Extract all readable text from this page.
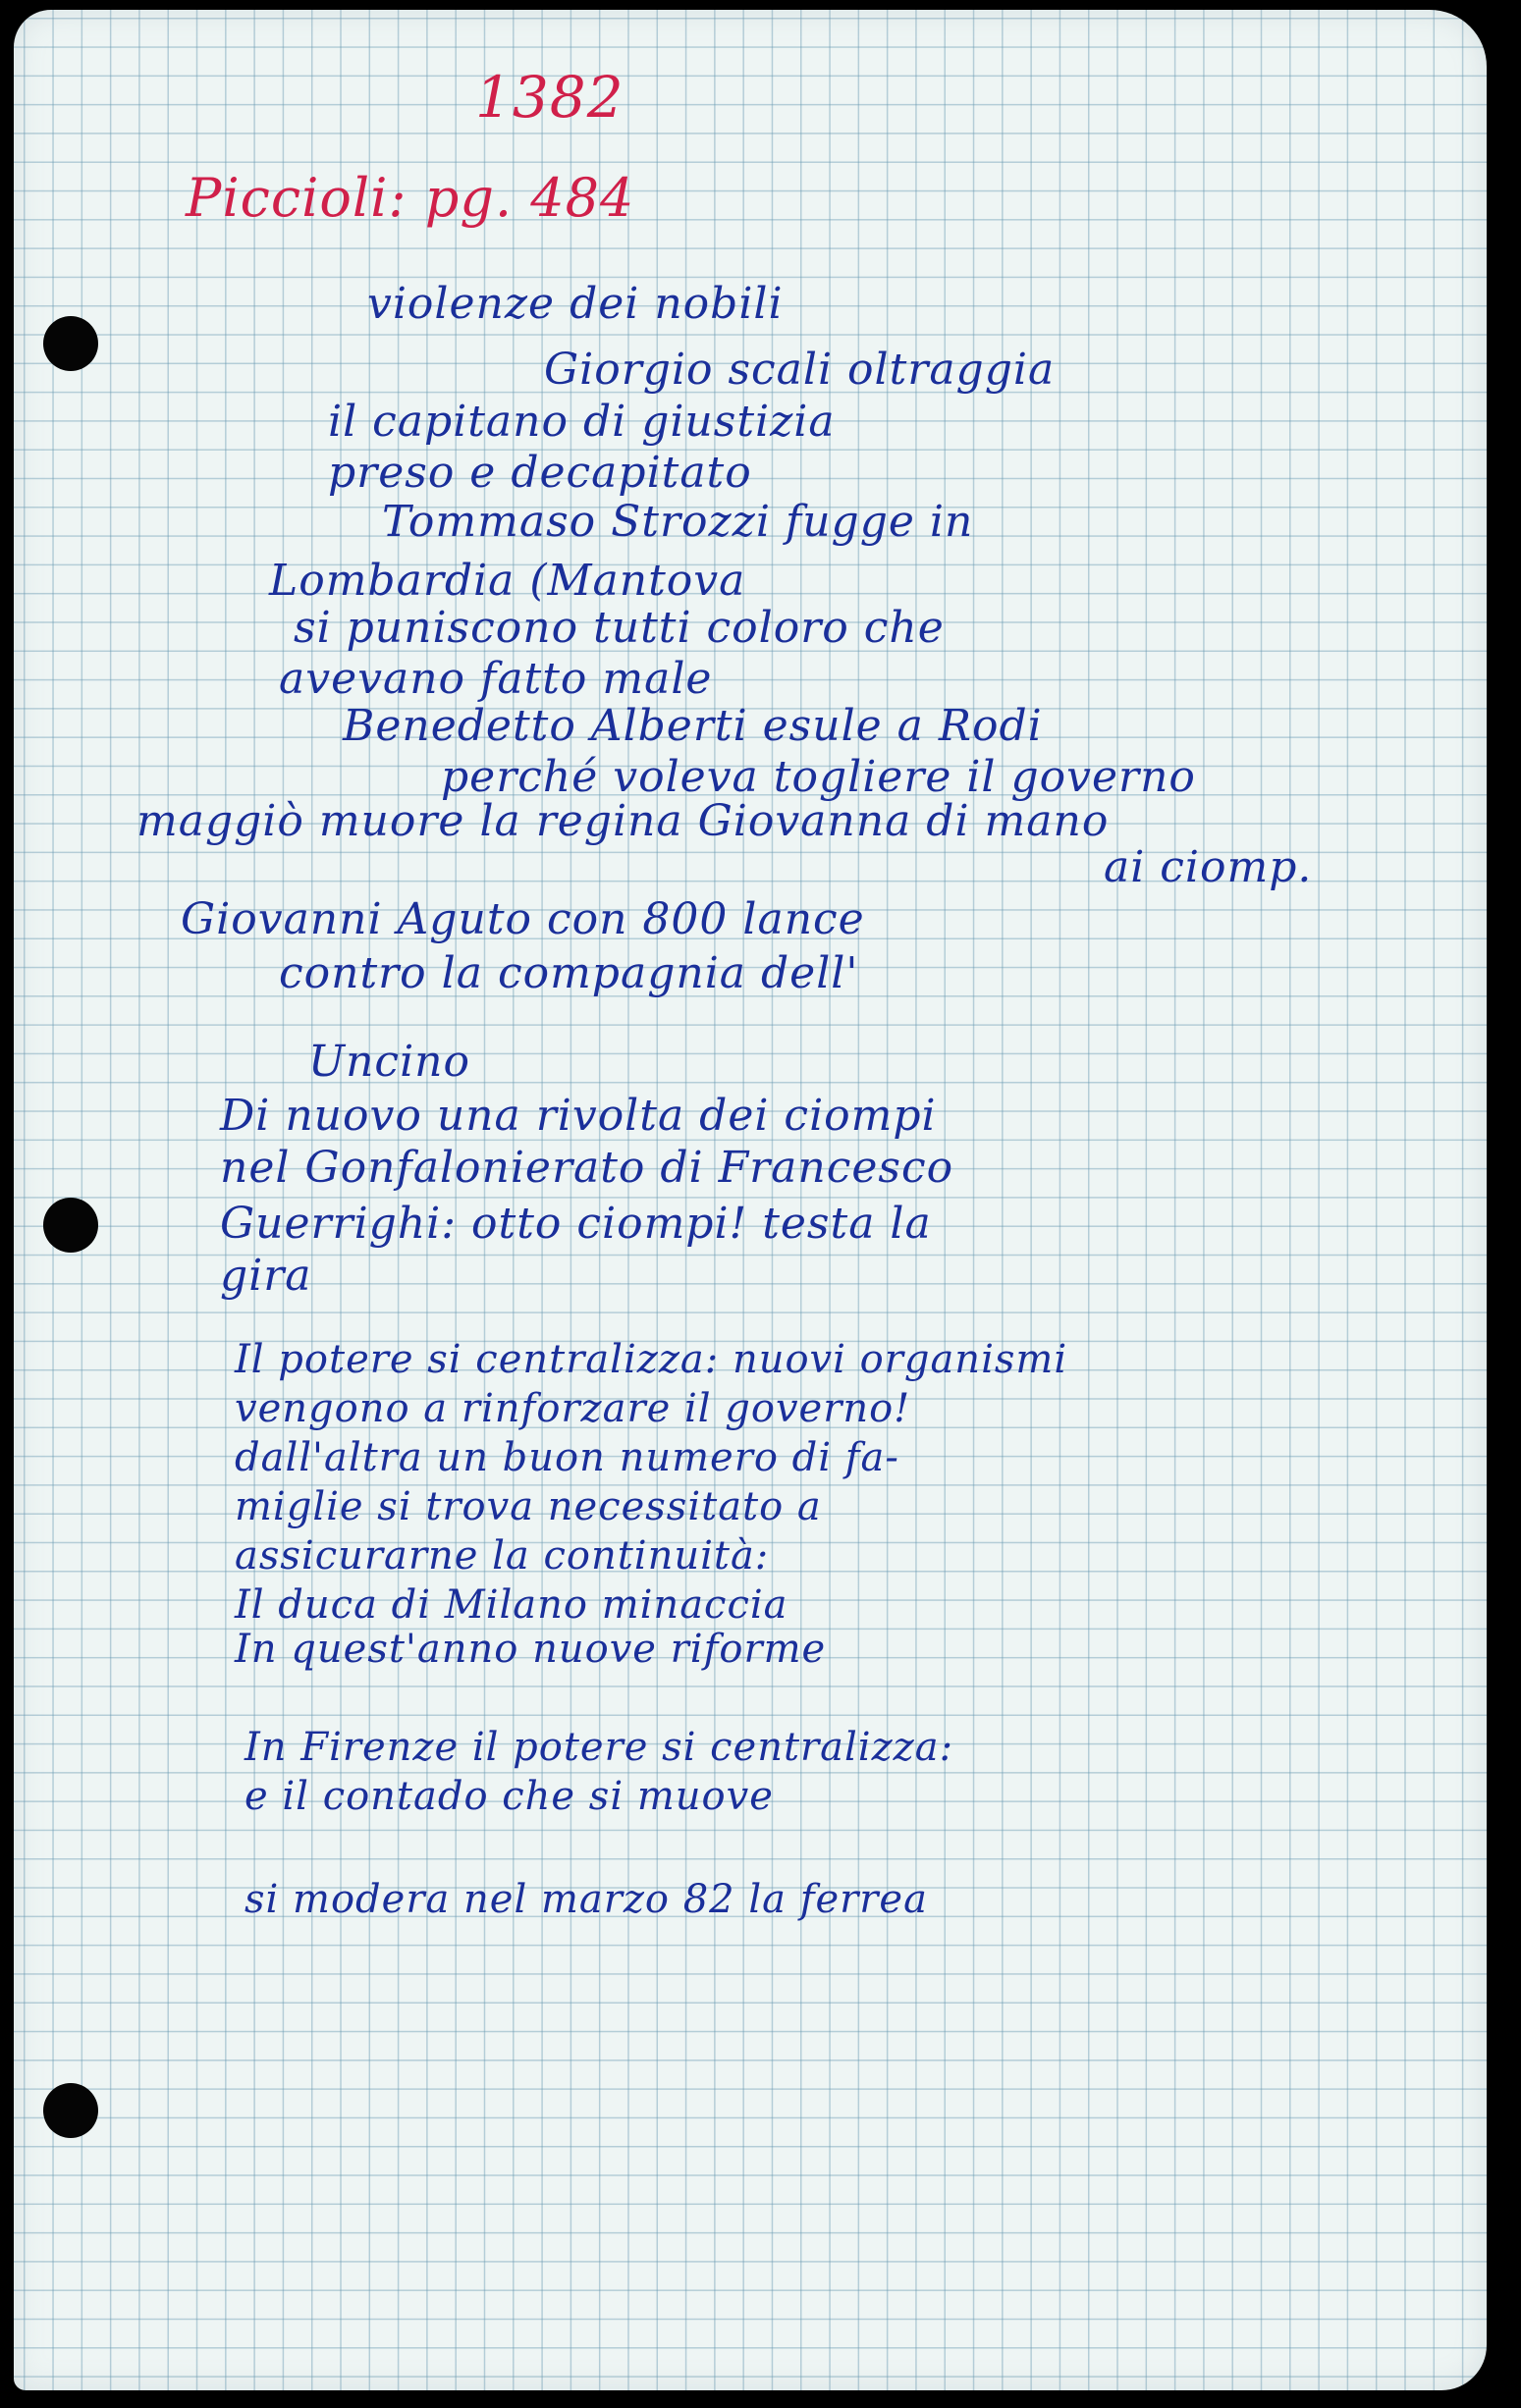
1382
Piccioli: pg. 484
violenze dei nobili
Giorgio scali oltraggia
il capitano di giustizia
preso e decapitato
Tommaso Strozzi fugge in
Lombardia (Mantova
si puniscono tutti coloro che
avevano fatto male
Benedetto Alberti esule a Rodi
perché voleva togliere il governo
maggiò muore la regina Giovanna di mano
ai ciomp.
Giovanni Aguto con 800 lance
contro la compagnia dell'
Uncino
Di nuovo una rivolta dei ciompi
nel Gonfalonierato di Francesco
Guerrighi: otto ciompi! testa la
gira
Il potere si centralizza: nuovi organismi
vengono a rinforzare il governo!
dall'altra un buon numero di fa-
miglie si trova necessitato a
assicurarne la continuità:
Il duca di Milano minaccia
In quest'anno nuove riforme
In Firenze il potere si centralizza:
e il contado che si muove
si modera nel marzo 82 la ferrea
